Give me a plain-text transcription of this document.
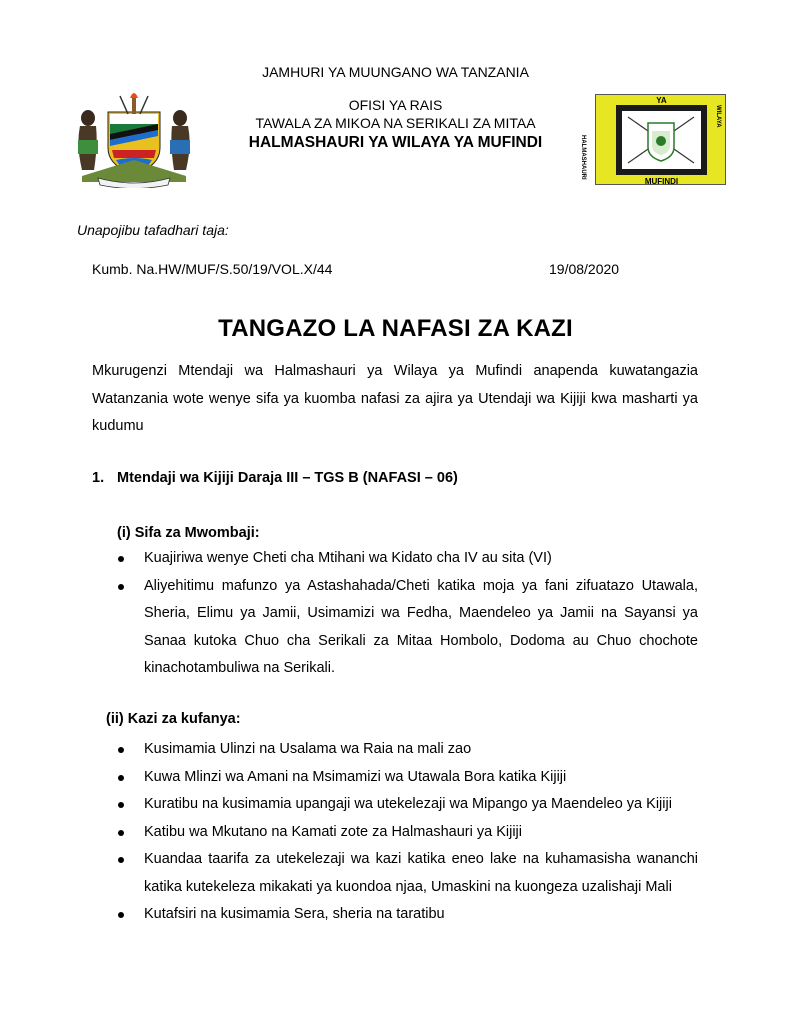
JAMHURI YA MUUNGANO WA TANZANIA
OFISI YA RAIS
TAWALA ZA MIKOA NA SERIKALI ZA MITAA
HALMASHAURI YA WILAYA YA MUFINDI
YA
MUFINDI
HALMASHAURI
WILAYA
Unapojibu tafadhari taja:
Kumb. Na.HW/MUF/S.50/19/VOL.X/44	19/08/2020
TANGAZO LA NAFASI ZA KAZI
Mkurugenzi Mtendaji wa Halmashauri ya Wilaya ya Mufindi anapenda kuwatangazia Watanzania wote wenye sifa ya kuomba nafasi za ajira ya Utendaji wa Kijiji kwa masharti ya kudumu
1. Mtendaji wa Kijiji Daraja III – TGS B (NAFASI – 06)
(i) Sifa za Mwombaji:
Kuajiriwa wenye Cheti cha Mtihani wa Kidato cha IV au sita (VI)
Aliyehitimu mafunzo ya Astashahada/Cheti katika moja ya fani zifuatazo Utawala, Sheria, Elimu ya Jamii, Usimamizi wa Fedha, Maendeleo ya Jamii na Sayansi ya Sanaa kutoka Chuo cha Serikali za Mitaa Hombolo, Dodoma au Chuo chochote kinachotambuliwa na Serikali.
(ii) Kazi za kufanya:
Kusimamia Ulinzi na Usalama wa Raia na mali zao
Kuwa Mlinzi wa Amani na Msimamizi wa Utawala Bora katika Kijiji
Kuratibu na kusimamia upangaji wa utekelezaji wa Mipango ya Maendeleo ya Kijiji
Katibu wa Mkutano na Kamati zote za Halmashauri ya Kijiji
Kuandaa taarifa za utekelezaji wa kazi katika eneo lake na kuhamasisha wananchi katika kutekeleza mikakati ya kuondoa njaa, Umaskini na kuongeza uzalishaji Mali
Kutafsiri na kusimamia Sera, sheria na taratibu
